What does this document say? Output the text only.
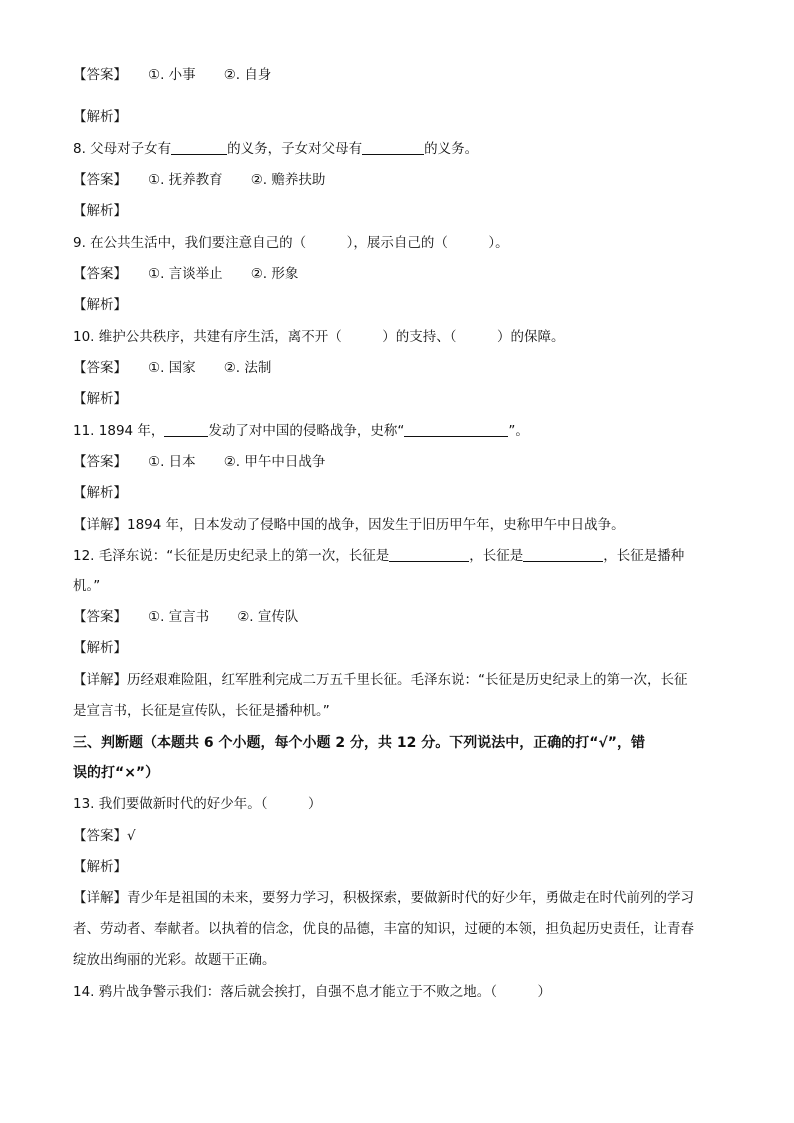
【答案】 ①. 小事 ②. 自身
【解析】
8. 父母对子女有	的义务，子女对父母有	的义务。
【答案】 ①. 抚养教育 ②. 赡养扶助
【解析】
9. 在公共生活中，我们要注意自己的（　　　），展示自己的（　　　）。
【答案】 ①. 言谈举止 ②. 形象
【解析】
10. 维护公共秩序，共建有序生活，离不开（　　　）的支持、（　　　）的保障。
【答案】 ①. 国家 ②. 法制
【解析】
11. 1894 年，	发动了对中国的侵略战争，史称“	”。
【答案】 ①. 日本 ②. 甲午中日战争
【解析】
【详解】1894 年，日本发动了侵略中国的战争，因发生于旧历甲午年，史称甲午中日战争。
12. 毛泽东说：“长征是历史纪录上的第一次，长征是	，长征是	，长征是播种
机。”
【答案】 ①. 宣言书 ②. 宣传队
【解析】
【详解】历经艰难险阻，红军胜利完成二万五千里长征。毛泽东说：“长征是历史纪录上的第一次，长征
是宣言书，长征是宣传队，长征是播种机。”
三、判断题（本题共 6 个小题，每个小题 2 分，共 12 分。下列说法中，正确的打“√”，错
误的打“×”）
13. 我们要做新时代的好少年。（　　　）
【答案】√
【解析】
【详解】青少年是祖国的未来，要努力学习，积极探索，要做新时代的好少年，勇做走在时代前列的学习
者、劳动者、奉献者。以执着的信念，优良的品德，丰富的知识，过硬的本领，担负起历史责任，让青春
绽放出绚丽的光彩。故题干正确。
14. 鸦片战争警示我们：落后就会挨打，自强不息才能立于不败之地。（　　　）
